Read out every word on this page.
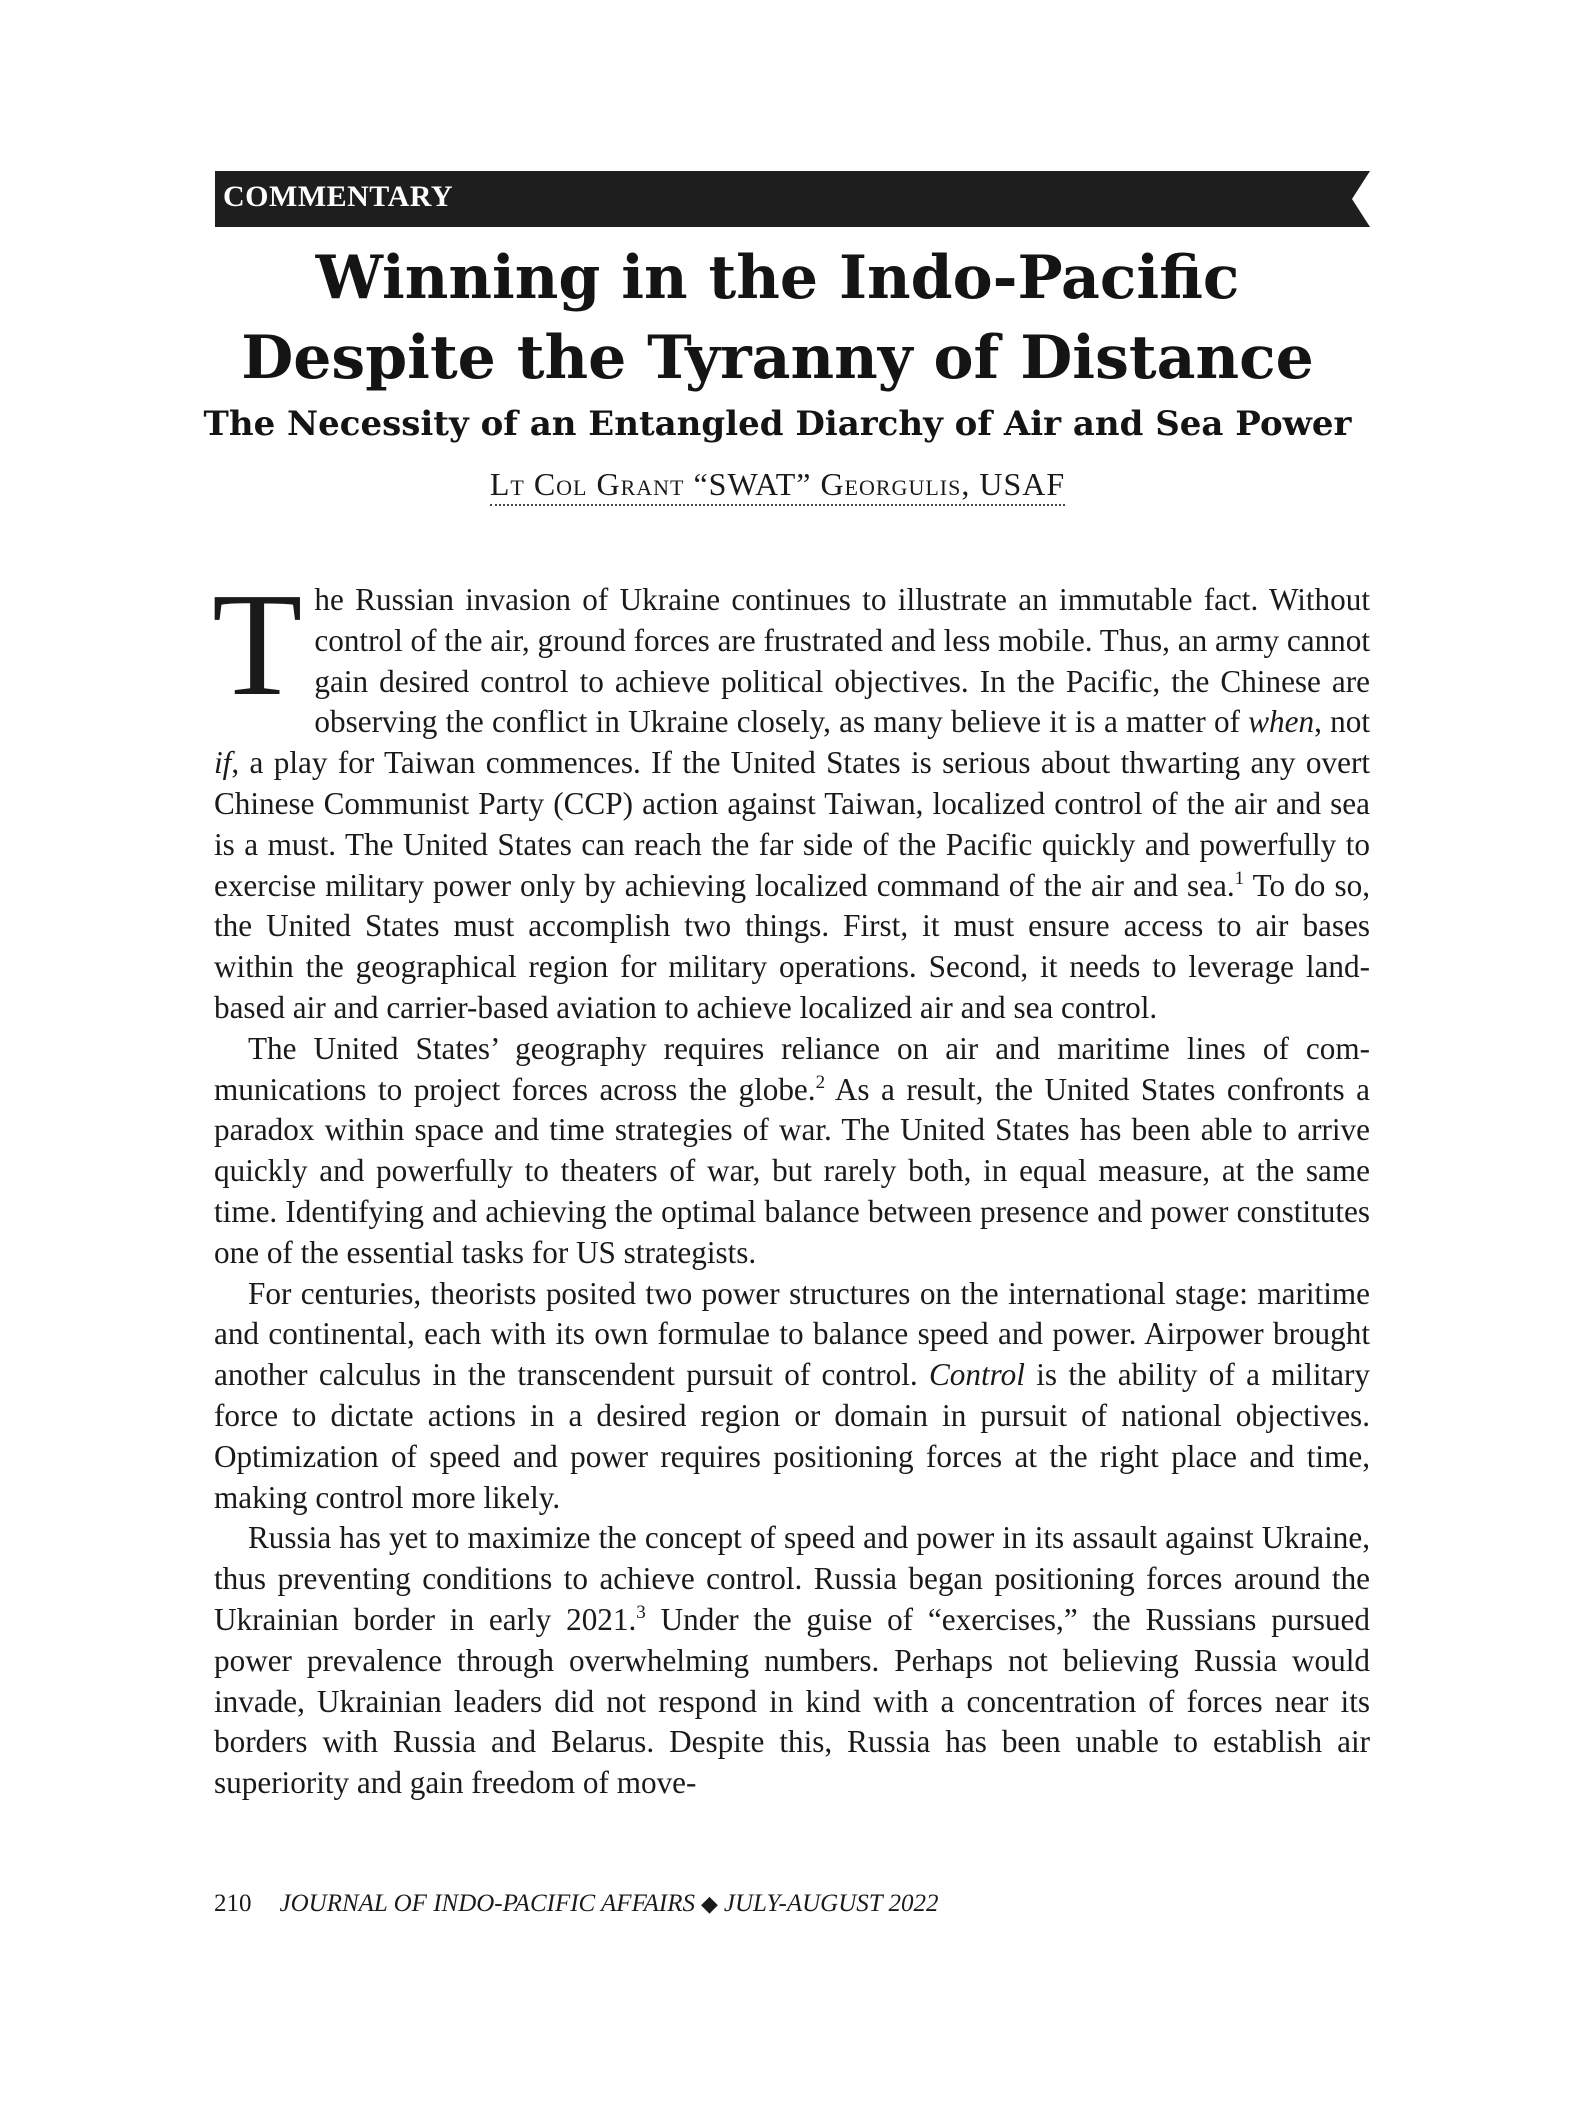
COMMENTARY
Winning in the Indo-Pacific Despite the Tyranny of Distance
The Necessity of an Entangled Diarchy of Air and Sea Power
Lt Col Grant “SWAT” Georgulis, USAF

The Russian invasion of Ukraine continues to illustrate an immutable fact. Without control of the air, ground forces are frustrated and less mobile. Thus, an army cannot gain desired control to achieve political objectives. In the Pacific, the Chinese are observing the conflict in Ukraine closely, as many believe it is a matter of when, not if, a play for Taiwan commences. If the United States is serious about thwarting any overt Chinese Communist Party (CCP) action against Taiwan, localized control of the air and sea is a must. The United States can reach the far side of the Pacific quickly and powerfully to exercise military power only by achieving localized command of the air and sea.$^1$ To do so, the United States must accomplish two things. First, it must ensure access to air bases within the geographical region for military operations. Second, it needs to leverage land-based air and carrier-based aviation to achieve localized air and sea control.

The United States’ geography requires reliance on air and maritime lines of communications to project forces across the globe.$^2$ As a result, the United States confronts a paradox within space and time strategies of war. The United States has been able to arrive quickly and powerfully to theaters of war, but rarely both, in equal measure, at the same time. Identifying and achieving the optimal balance between presence and power constitutes one of the essential tasks for US strategists.

For centuries, theorists posited two power structures on the international stage: maritime and continental, each with its own formulae to balance speed and power. Airpower brought another calculus in the transcendent pursuit of control. Control is the ability of a military force to dictate actions in a desired region or domain in pursuit of national objectives. Optimization of speed and power requires positioning forces at the right place and time, making control more likely.

Russia has yet to maximize the concept of speed and power in its assault against Ukraine, thus preventing conditions to achieve control. Russia began positioning forces around the Ukrainian border in early 2021.$^3$ Under the guise of “exercises,” the Russians pursued power prevalence through overwhelming numbers. Perhaps not believing Russia would invade, Ukrainian leaders did not respond in kind with a concentration of forces near its borders with Russia and Belarus. Despite this, Russia has been unable to establish air superiority and gain freedom of move-

210 JOURNAL OF INDO-PACIFIC AFFAIRS ◆ JULY-AUGUST 2022
